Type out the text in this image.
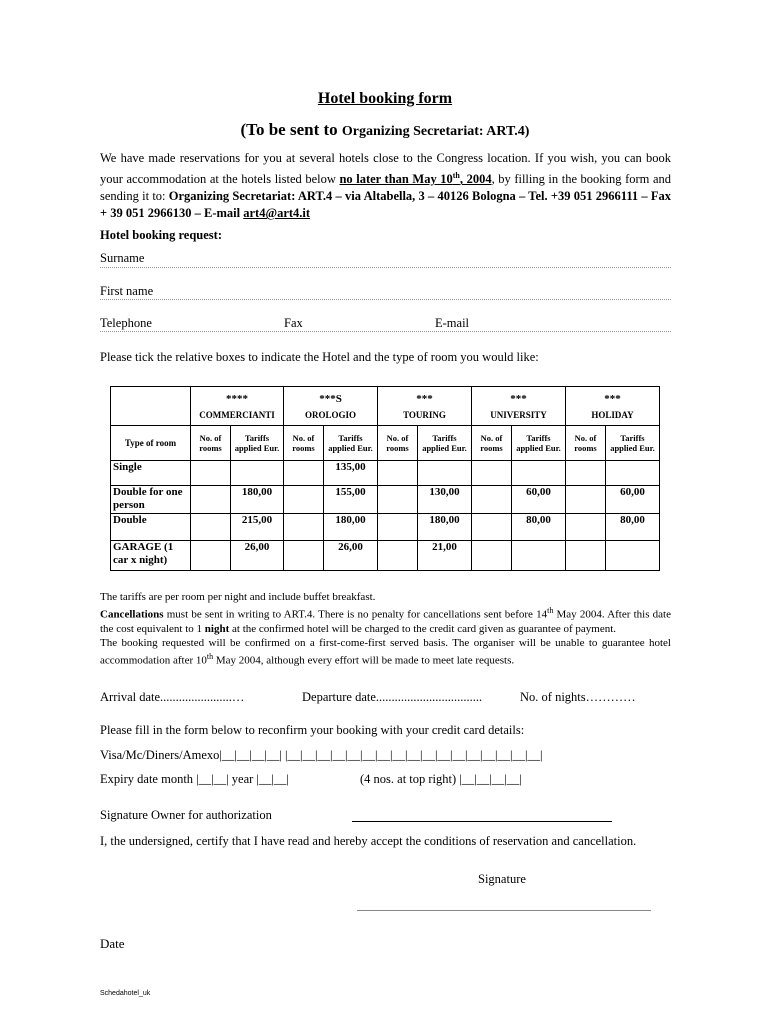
Hotel booking form
(To be sent to Organizing Secretariat: ART.4)
We have made reservations for you at several hotels close to the Congress location. If you wish, you can book your accommodation at the hotels listed below no later than May 10th, 2004, by filling in the booking form and sending it to: Organizing Secretariat: ART.4 – via Altabella, 3 – 40126 Bologna – Tel. +39 051 2966111 – Fax + 39 051 2966130 – E-mail art4@art4.it
Hotel booking request:
Surname
First name
Telephone	Fax	E-mail
Please tick the relative boxes to indicate the Hotel and the type of room you would like:
	****		***S		***		***		***	
	COMMERCIANTI		OROLOGIO		TOURING		UNIVERSITY		HOLIDAY	
Type of room	No. of rooms	Tariffs applied Eur.	No. of rooms	Tariffs applied Eur.	No. of rooms	Tariffs applied Eur.	No. of rooms	Tariffs applied Eur.	No. of rooms	Tariffs applied Eur.
Single				135,00						
Double for one person		180,00		155,00		130,00		60,00		60,00
Double		215,00		180,00		180,00		80,00		80,00
GARAGE (1 car x night)		26,00		26,00		21,00				
The tariffs are per room per night and include buffet breakfast.
Cancellations must be sent in writing to ART.4. There is no penalty for cancellations sent before 14th May 2004. After this date the cost equivalent to 1 night at the confirmed hotel will be charged to the credit card given as guarantee of payment.
The booking requested will be confirmed on a first-come-first served basis. The organiser will be unable to guarantee hotel accommodation after 10th May 2004, although every effort will be made to meet late requests.
Arrival date.......................…	Departure date..................................	No. of nights…………
Please fill in the form below to reconfirm your booking with your credit card details:
Visa/Mc/Diners/Amexo|__|__|__|__| |__|__|__|__|__|__|__|__|__|__|__|__|__|__|__|__|__|
Expiry date month |__|__| year |__|__|	(4 nos. at top right) |__|__|__|__|
Signature Owner for authorization
I, the undersigned, certify that I have read and hereby accept the conditions of reservation and cancellation.
Signature
Date
Schedahotel_uk
